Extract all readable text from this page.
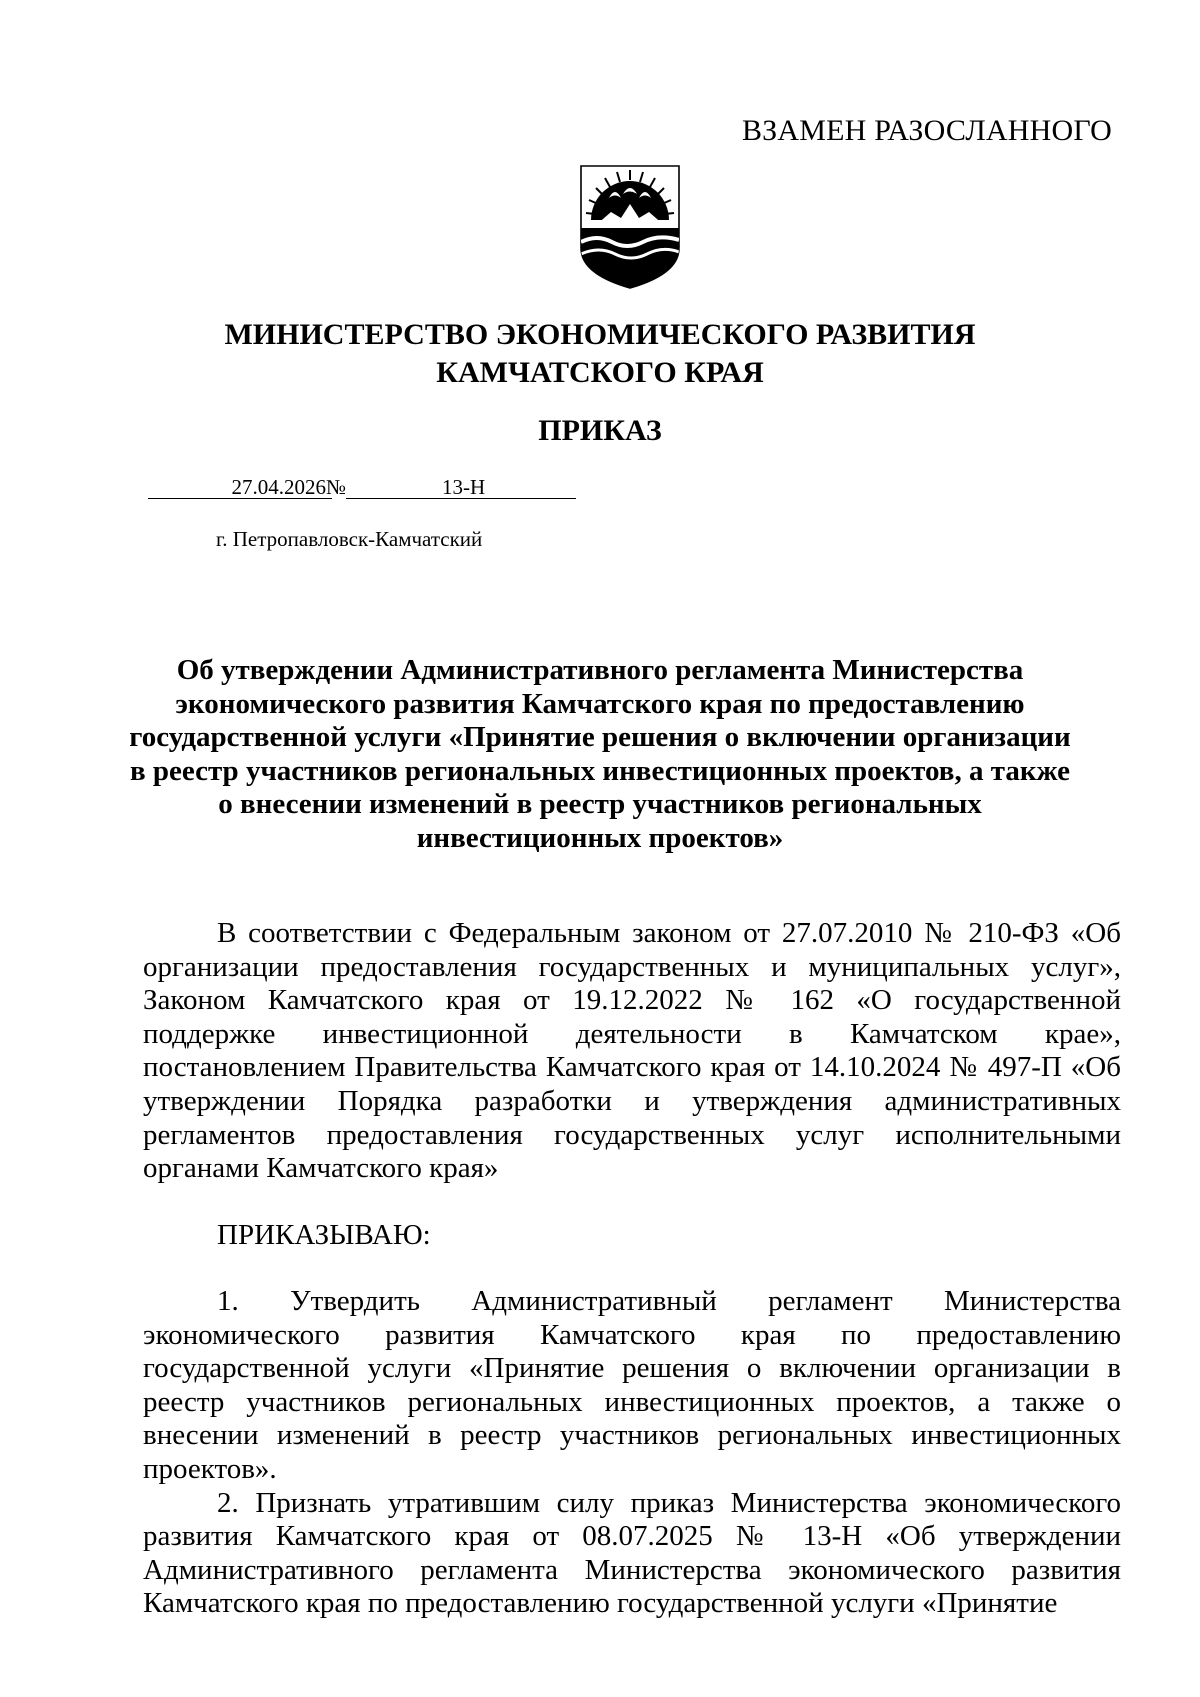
ВЗАМЕН РАЗОСЛАННОГО
МИНИСТЕРСТВО ЭКОНОМИЧЕСКОГО РАЗВИТИЯ
КАМЧАТСКОГО КРАЯ
ПРИКАЗ
27.04.2026 №	13-Н
г. Петропавловск-Камчатский
Об утверждении Административного регламента Министерства экономического развития Камчатского края по предоставлению государственной услуги «Принятие решения о включении организации в реестр участников региональных инвестиционных проектов, а также о внесении изменений в реестр участников региональных инвестиционных проектов»
В соответствии с Федеральным законом от 27.07.2010 № 210-ФЗ «Об организации предоставления государственных и муниципальных услуг», Законом Камчатского края от 19.12.2022 № 162 «О государственной поддержке инвестиционной деятельности в Камчатском крае», постановлением Правительства Камчатского края от 14.10.2024 № 497-П «Об утверждении Порядка разработки и утверждения административных регламентов предоставления государственных услуг исполнительными органами Камчатского края»
ПРИКАЗЫВАЮ:

1. Утвердить Административный регламент Министерства экономического развития Камчатского края по предоставлению государственной услуги «Принятие решения о включении организации в реестр участников региональных инвестиционных проектов, а также о внесении изменений в реестр участников региональных инвестиционных проектов».

2. Признать утратившим силу приказ Министерства экономического развития Камчатского края от 08.07.2025 № 13-Н «Об утверждении Административного регламента Министерства экономического развития Камчатского края по предоставлению государственной услуги «Принятие
